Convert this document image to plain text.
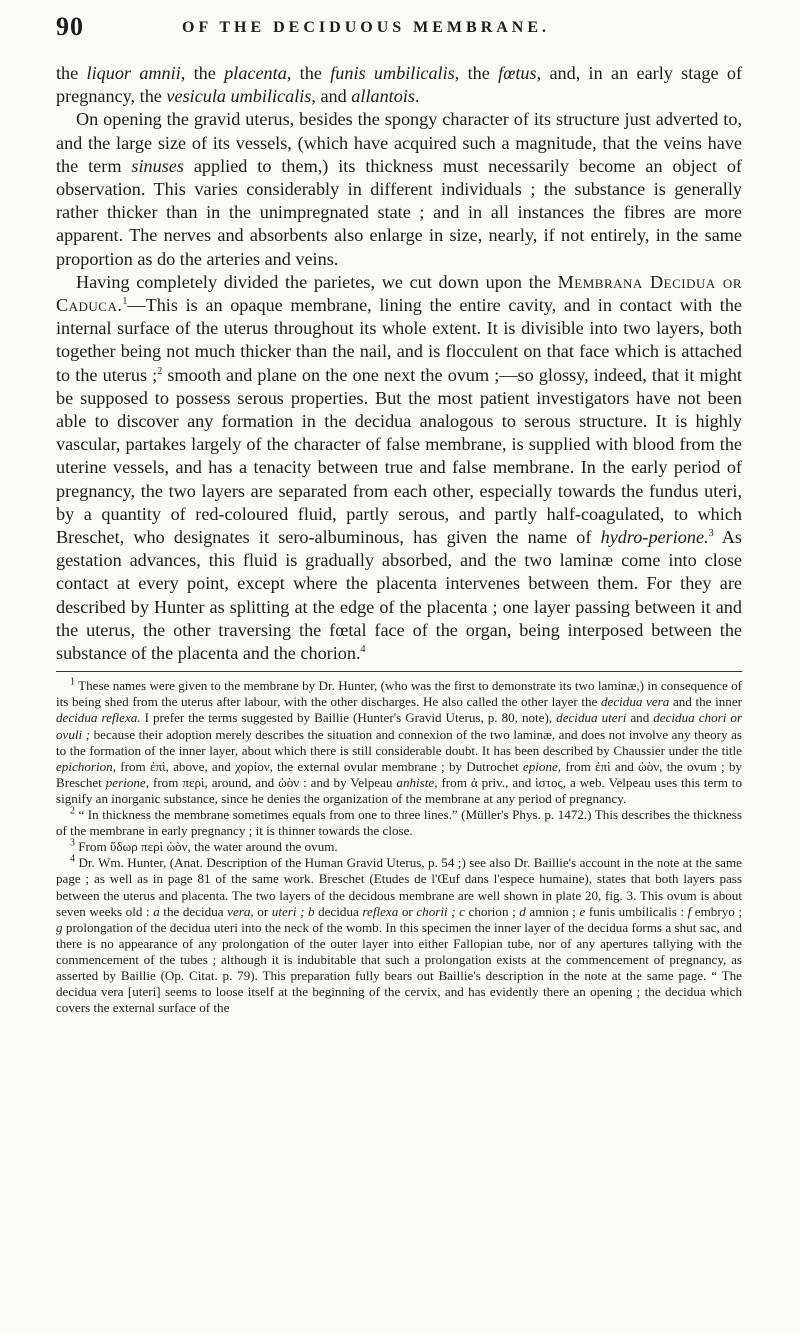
90	OF THE DECIDUOUS MEMBRANE.

the liquor amnii, the placenta, the funis umbilicalis, the fœtus, and, in an early stage of pregnancy, the vesicula umbilicalis, and allantois.

On opening the gravid uterus, besides the spongy character of its structure just adverted to, and the large size of its vessels, (which have acquired such a magnitude, that the veins have the term sinuses applied to them,) its thickness must necessarily become an object of observation. This varies considerably in different individuals ; the substance is generally rather thicker than in the unimpregnated state ; and in all instances the fibres are more apparent. The nerves and absorbents also enlarge in size, nearly, if not entirely, in the same proportion as do the arteries and veins.

Having completely divided the parietes, we cut down upon the Membrana Decidua or Caduca.$^1$—This is an opaque membrane, lining the entire cavity, and in contact with the internal surface of the uterus throughout its whole extent. It is divisible into two layers, both together being not much thicker than the nail, and is flocculent on that face which is attached to the uterus ;$^2$ smooth and plane on the one next the ovum ;—so glossy, indeed, that it might be supposed to possess serous properties. But the most patient investigators have not been able to discover any formation in the decidua analogous to serous structure. It is highly vascular, partakes largely of the character of false membrane, is supplied with blood from the uterine vessels, and has a tenacity between true and false membrane. In the early period of pregnancy, the two layers are separated from each other, especially towards the fundus uteri, by a quantity of red-coloured fluid, partly serous, and partly half-coagulated, to which Breschet, who designates it sero-albuminous, has given the name of hydro-perione.$^3$ As gestation advances, this fluid is gradually absorbed, and the two laminæ come into close contact at every point, except where the placenta intervenes between them. For they are described by Hunter as splitting at the edge of the placenta ; one layer passing between it and the uterus, the other traversing the fœtal face of the organ, being interposed between the substance of the placenta and the chorion.$^4$

$^1$ These names were given to the membrane by Dr. Hunter, (who was the first to demonstrate its two laminæ,) in consequence of its being shed from the uterus after labour, with the other discharges. He also called the other layer the decidua vera and the inner decidua reflexa. I prefer the terms suggested by Baillie (Hunter's Gravid Uterus, p. 80, note), decidua uteri and decidua chori or ovuli ; because their adoption merely describes the situation and connexion of the two laminæ, and does not involve any theory as to the formation of the inner layer, about which there is still considerable doubt. It has been described by Chaussier under the title epichorion, from ἐπὶ, above, and χορίον, the external ovular membrane ; by Dutrochet epione, from ἐπὶ and ὠὸν, the ovum ; by Breschet perione, from περὶ, around, and ὠὸν : and by Velpeau anhiste, from ἀ priv., and ἱστος, a web. Velpeau uses this term to signify an inorganic substance, since he denies the organization of the membrane at any period of pregnancy.

$^2$ “ In thickness the membrane sometimes equals from one to three lines.” (Müller's Phys. p. 1472.) This describes the thickness of the membrane in early pregnancy ; it is thinner towards the close.

$^3$ From ὕδωρ περὶ ὠὸν, the water around the ovum.

$^4$ Dr. Wm. Hunter, (Anat. Description of the Human Gravid Uterus, p. 54 ;) see also Dr. Baillie's account in the note at the same page ; as well as in page 81 of the same work. Breschet (Etudes de l'Œuf dans l'espece humaine), states that both layers pass between the uterus and placenta. The two layers of the decidous membrane are well shown in plate 20, fig. 3. This ovum is about seven weeks old : a the decidua vera, or uteri ; b decidua reflexa or chorii ; c chorion ; d amnion ; e funis umbilicalis : f embryo ; g prolongation of the decidua uteri into the neck of the womb. In this specimen the inner layer of the decidua forms a shut sac, and there is no appearance of any prolongation of the outer layer into either Fallopian tube, nor of any apertures tallying with the commencement of the tubes ; although it is indubitable that such a prolongation exists at the commencement of pregnancy, as asserted by Baillie (Op. Citat. p. 79). This preparation fully bears out Baillie's description in the note at the same page. “ The decidua vera [uteri] seems to loose itself at the beginning of the cervix, and has evidently there an opening ; the decidua which covers the external surface of the
